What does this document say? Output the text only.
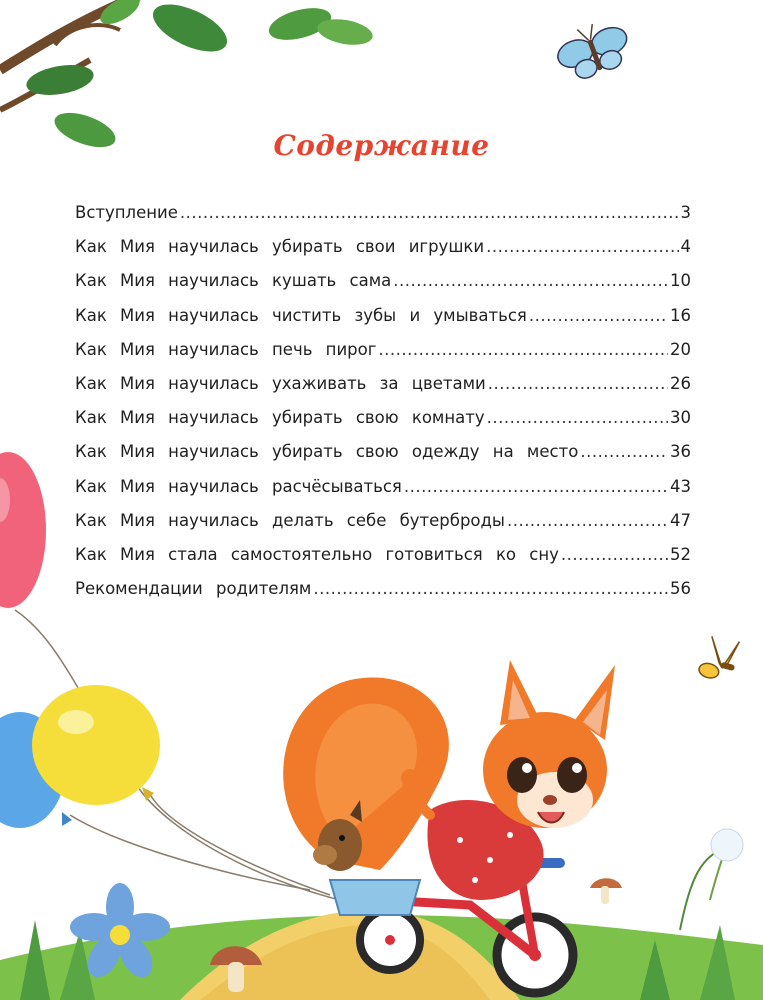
Содержание
Вступление .....	3
Как Мия научилась убирать свои игрушки .....	4
Как Мия научилась кушать сама .....	10
Как Мия научилась чистить зубы и умываться .....	16
Как Мия научилась печь пирог .....	20
Как Мия научилась ухаживать за цветами .....	26
Как Мия научилась убирать свою комнату .....	30
Как Мия научилась убирать свою одежду на место .....	36
Как Мия научилась расчёсываться .....	43
Как Мия научилась делать себе бутерброды .....	47
Как Мия стала самостоятельно готовиться ко сну .....	52
Рекомендации родителям .....	56
